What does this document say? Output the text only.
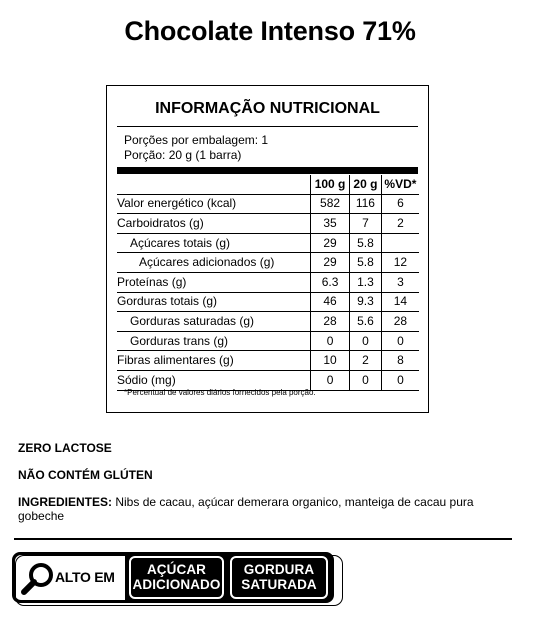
Chocolate Intenso 71%
INFORMAÇÃO NUTRICIONAL
Porções por embalagem: 1
Porção: 20 g (1 barra)
	100 g	20 g	%VD*
Valor energético (kcal)	582	116	6
Carboidratos (g)	35	7	2
Açúcares totais (g)	29	5.8	
Açúcares adicionados (g)	29	5.8	12
Proteínas (g)	6.3	1.3	3
Gorduras totais (g)	46	9.3	14
Gorduras saturadas (g)	28	5.6	28
Gorduras trans (g)	0	0	0
Fibras alimentares (g)	10	2	8
Sódio (mg)	0	0	0
*Percentual de valores diários fornecidos pela porção.
ZERO LACTOSE
NÃO CONTÉM GLÚTEN
INGREDIENTES: Nibs de cacau, açúcar demerara organico, manteiga de cacau pura gobeche
ALTO EM	AÇÚCAR
ADICIONADO
GORDURA
SATURADA
